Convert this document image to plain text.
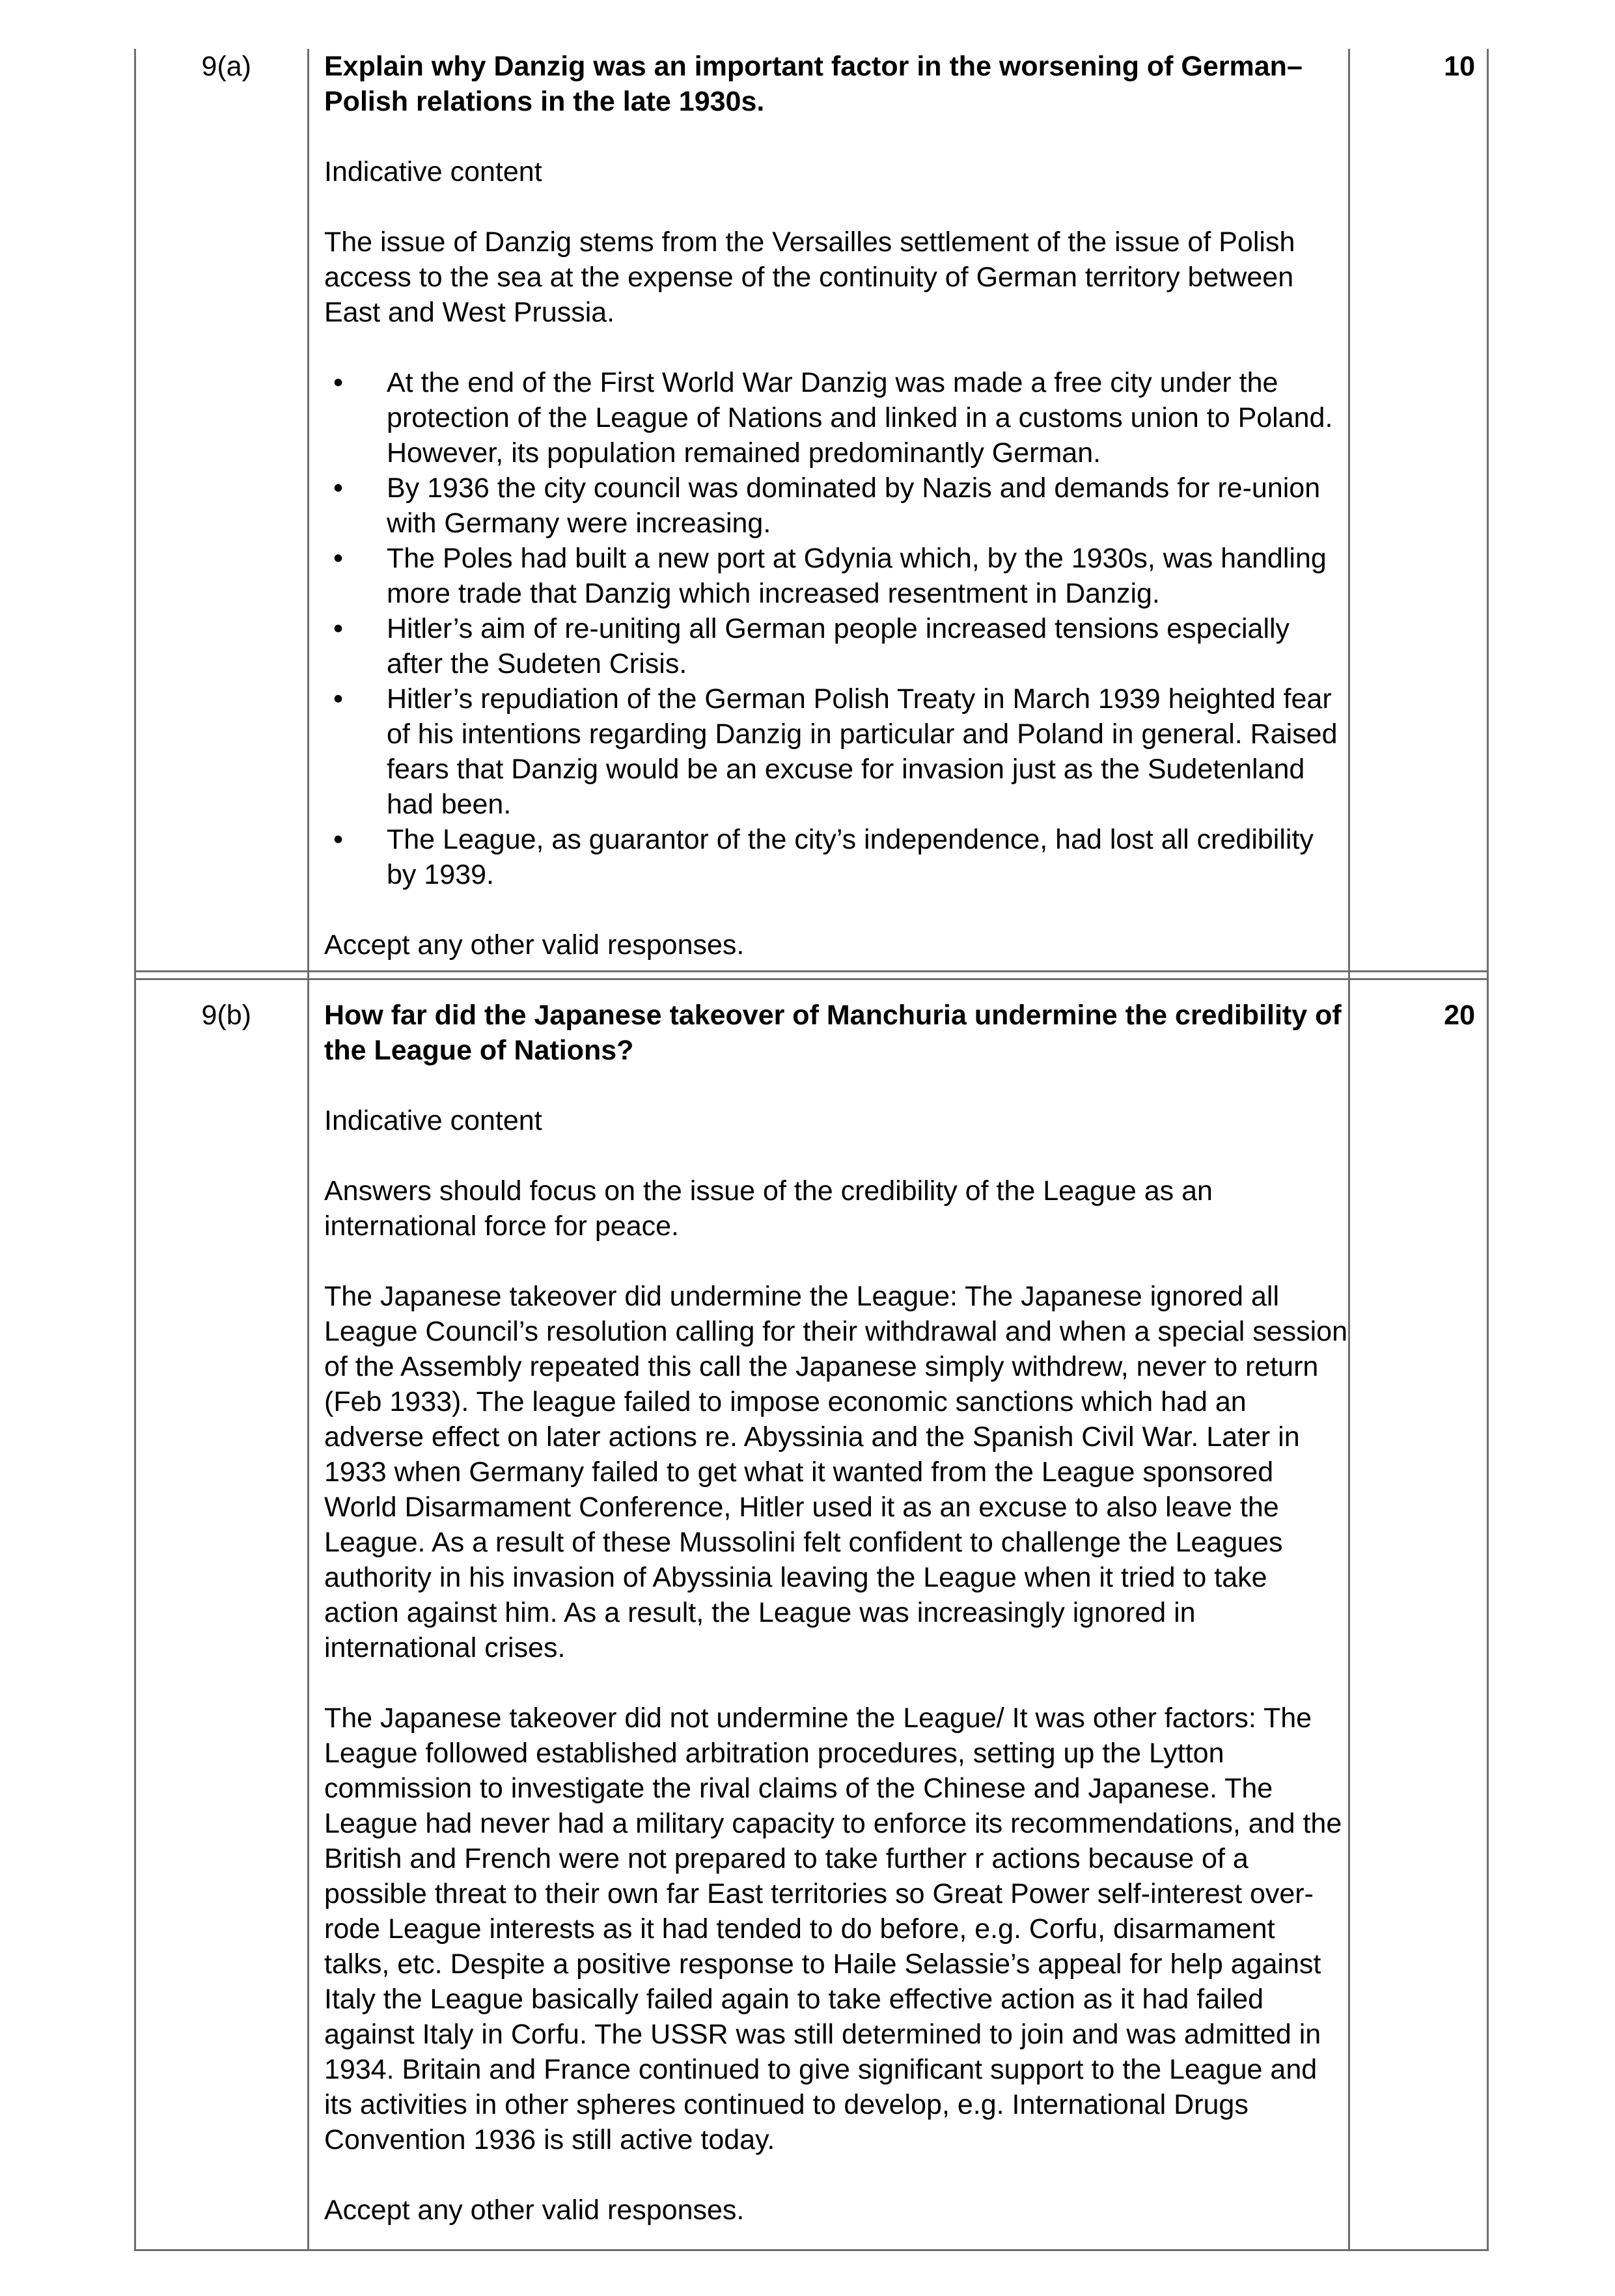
9(a)	10

Explain why Danzig was an important factor in the worsening of German–Polish relations in the late 1930s.

Indicative content

The issue of Danzig stems from the Versailles settlement of the issue of Polish access to the sea at the expense of the continuity of German territory between East and West Prussia.

• At the end of the First World War Danzig was made a free city under the protection of the League of Nations and linked in a customs union to Poland. However, its population remained predominantly German.
• By 1936 the city council was dominated by Nazis and demands for re-union with Germany were increasing.
• The Poles had built a new port at Gdynia which, by the 1930s, was handling more trade that Danzig which increased resentment in Danzig.
• Hitler’s aim of re-uniting all German people increased tensions especially after the Sudeten Crisis.
• Hitler’s repudiation of the German Polish Treaty in March 1939 heighted fear of his intentions regarding Danzig in particular and Poland in general. Raised fears that Danzig would be an excuse for invasion just as the Sudetenland had been.
• The League, as guarantor of the city’s independence, had lost all credibility by 1939.

Accept any other valid responses.

9(b)	20

How far did the Japanese takeover of Manchuria undermine the credibility of the League of Nations?

Indicative content

Answers should focus on the issue of the credibility of the League as an international force for peace.

The Japanese takeover did undermine the League: The Japanese ignored all League Council’s resolution calling for their withdrawal and when a special session of the Assembly repeated this call the Japanese simply withdrew, never to return (Feb 1933). The league failed to impose economic sanctions which had an adverse effect on later actions re. Abyssinia and the Spanish Civil War. Later in 1933 when Germany failed to get what it wanted from the League sponsored World Disarmament Conference, Hitler used it as an excuse to also leave the League. As a result of these Mussolini felt confident to challenge the Leagues authority in his invasion of Abyssinia leaving the League when it tried to take action against him. As a result, the League was increasingly ignored in international crises.

The Japanese takeover did not undermine the League/ It was other factors: The League followed established arbitration procedures, setting up the Lytton commission to investigate the rival claims of the Chinese and Japanese. The League had never had a military capacity to enforce its recommendations, and the British and French were not prepared to take further r actions because of a possible threat to their own far East territories so Great Power self-interest over-rode League interests as it had tended to do before, e.g. Corfu, disarmament talks, etc. Despite a positive response to Haile Selassie’s appeal for help against Italy the League basically failed again to take effective action as it had failed against Italy in Corfu. The USSR was still determined to join and was admitted in 1934. Britain and France continued to give significant support to the League and its activities in other spheres continued to develop, e.g. International Drugs Convention 1936 is still active today.

Accept any other valid responses.
